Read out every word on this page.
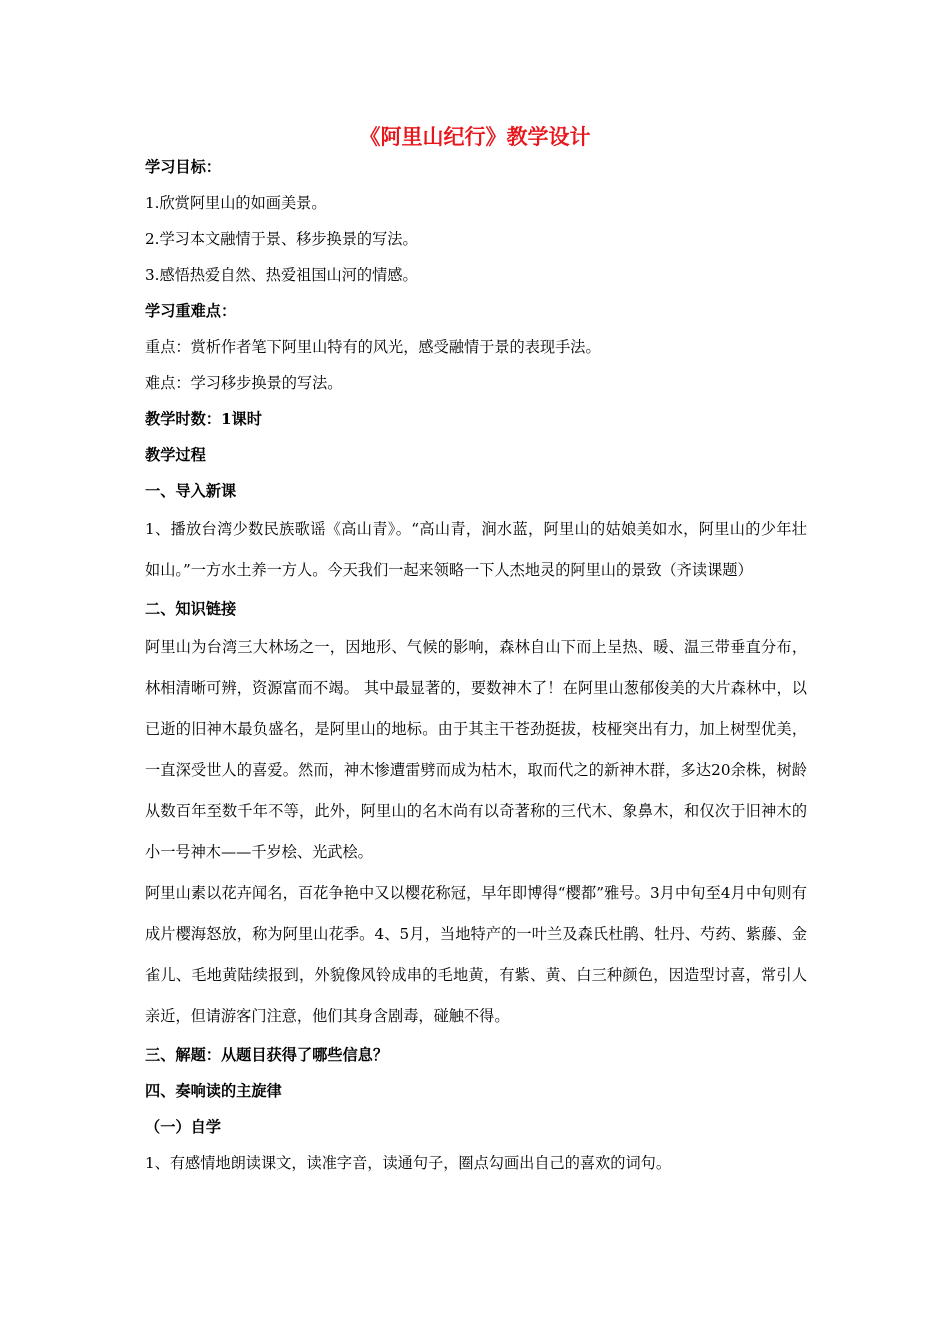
《阿里山纪行》教学设计
学习目标：
1.欣赏阿里山的如画美景。
2.学习本文融情于景、移步换景的写法。
3.感悟热爱自然、热爱祖国山河的情感。
学习重难点：
重点：赏析作者笔下阿里山特有的风光，感受融情于景的表现手法。
难点：学习移步换景的写法。
教学时数：1课时
教学过程
一、导入新课
1、播放台湾少数民族歌谣《高山青》。“高山青，涧水蓝，阿里山的姑娘美如水，阿里山的少年壮如山。”一方水土养一方人。今天我们一起来领略一下人杰地灵的阿里山的景致（齐读课题）
二、知识链接
阿里山为台湾三大林场之一，因地形、气候的影响，森林自山下而上呈热、暖、温三带垂直分布，林相清晰可辨，资源富而不竭。 其中最显著的，要数神木了！在阿里山葱郁俊美的大片森林中，以已逝的旧神木最负盛名，是阿里山的地标。由于其主干苍劲挺拔，枝桠突出有力，加上树型优美，一直深受世人的喜爱。然而，神木惨遭雷劈而成为枯木，取而代之的新神木群，多达20余株，树龄从数百年至数千年不等，此外，阿里山的名木尚有以奇著称的三代木、象鼻木，和仅次于旧神木的小一号神木——千岁桧、光武桧。
阿里山素以花卉闻名，百花争艳中又以樱花称冠，早年即博得“樱都”雅号。3月中旬至4月中旬则有成片樱海怒放，称为阿里山花季。4、5月，当地特产的一叶兰及森氏杜鹃、牡丹、芍药、紫藤、金雀儿、毛地黄陆续报到，外貌像风铃成串的毛地黄，有紫、黄、白三种颜色，因造型讨喜，常引人亲近，但请游客门注意，他们其身含剧毒，碰触不得。
三、解题：从题目获得了哪些信息？
四、奏响读的主旋律
（一）自学
1、有感情地朗读课文，读准字音，读通句子，圈点勾画出自己的喜欢的词句。
